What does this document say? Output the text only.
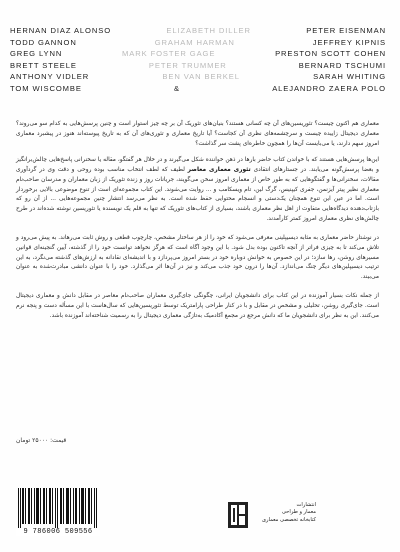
HERNAN DIAZ ALONSO	ELIZABETH DILLER	PETER EISENMAN
TODD GANNON	GRAHAM HARMAN	JEFFREY KIPNIS
GREG LYNN	MARK FOSTER GAGE	PRESTON SCOTT COHEN
BRETT STEELE	PETER TRUMMER	BERNARD TSCHUMI
ANTHONY VIDLER	BEN VAN BERKEL	SARAH WHITING
TOM WISCOMBE	&	ALEJANDRO ZAERA POLO

معماری هم اکنون چیست؟ تئوریسین‌های آن چه کسانی هستند؟ بنیان‌های تئوریک آن بر چه چیز استوار است و چنین پرسش‌هایی به کدام سو می‌روند؟ معماری دیجیتال زاییده چیست و سرچشمه‌های نظری آن کجاست؟ آیا تاریخ معماری و تئوری‌های آن که به تاریخ پیوسته‌اند هنوز در پیشبرد معماری امروز سهم دارند، یا می‌بایست آن‌ها را همچون خاطره‌ای پشت سر گذاشت؟

این‌ها پرسش‌هایی هستند که با خواندن کتاب حاضر بارها در ذهن خواننده شکل می‌گیرند و در خلال هر گفتگو، مقاله یا سخنرانی پاسخ‌هایی چالش‌برانگیز و بعضا پرسش‌گونه می‌یابند. در جستارهای انتقادی تئوری معماری معاصر لطیف که لطف انتخاب مناسب بوده روحی و دقت وی در گردآوری مقالات، سخنرانی‌ها و گفتگوهایی که به طور خاص از معماری امروز سخن می‌گویند، جریانات روز و زنده تئوریک از زبان معماران و مدرسان صاحب‌نام معماری نظیر پیتر آیزنمن، جفری کیپنیس، گرگ لین، تام ویسکامب و ... روایت می‌شوند. این کتاب مجموعه‌ای است از تنوع موضوعی بالایی برخوردار است. اما در عین این تنوع همچنان یک‌دستی و انسجام محتوایی حفظ شده است. به نظر می‌رسد انتشار چنین مجموعه‌هایی ... از آن رو که بازتاب‌دهنده دیدگاه‌هایی متفاوت از اهل نظر معماری باشند، بسیاری از کتاب‌های تئوریک که تنها به قلم یک نویسنده یا تئوریسین نوشته شده‌اند در طرح چالش‌های نظری معماری امروز کمتر کارآمدند.

در نوشتار حاضر معماری به مثابه دیسیپلینی معرفی می‌شود که خود را از هر ساختار مشخص، چارچوب قطعی و روش ثابت می‌رهاند. به پیش می‌رود و تلاش می‌کند تا به چیزی فراتر از آنچه تاکنون بوده بدل شود. با این وجود آگاه است که هرگز نخواهد توانست خود را از گذشته، آیین گنجینه‌ای قوانین مسیرهای روشن، رها سازد؛ در این خصوص به خوانش دوباره خود در بستر امروز می‌پردازد و با اندیشه‌ای نقادانه به ارزش‌های گذشته می‌نگرد، به ‌این ترتیب دیسیپلین‌های دیگر چنگ می‌اندازد. آن‌ها را درون خود جذب می‌کند و نیز در آن‌ها اثر می‌گذارد. خود را با عنوان دانشی مبادرت‌شده به عنوان می‌بیند.

از جمله نکات بسیار آموزنده در این کتاب برای دانشجویان ایرانی، چگونگی جای‌گیری معماران صاحب‌نام معاصر در مقابل دانش و معماری دیجیتال است. جای‌گیری روشن، تحلیلی و مشخص در مقابل و با در کنار طراحی پارامتریک توسط تئوریسین‌هایی که سال‌هاست با این مسأله دست و پنجه نرم می‌کنند. این به نظر برای دانشجویان ما که دانش مرجع در مجمع آکادمیک به‌تازگی معماری دیجیتال را به رسمیت شناخته‌اند آموزنده باشد.

قیمت: ۲۵۰۰۰ تومان
9 786006 509556
انتشارات
معمار و طراحی
کتابخانه تخصصی معماری
